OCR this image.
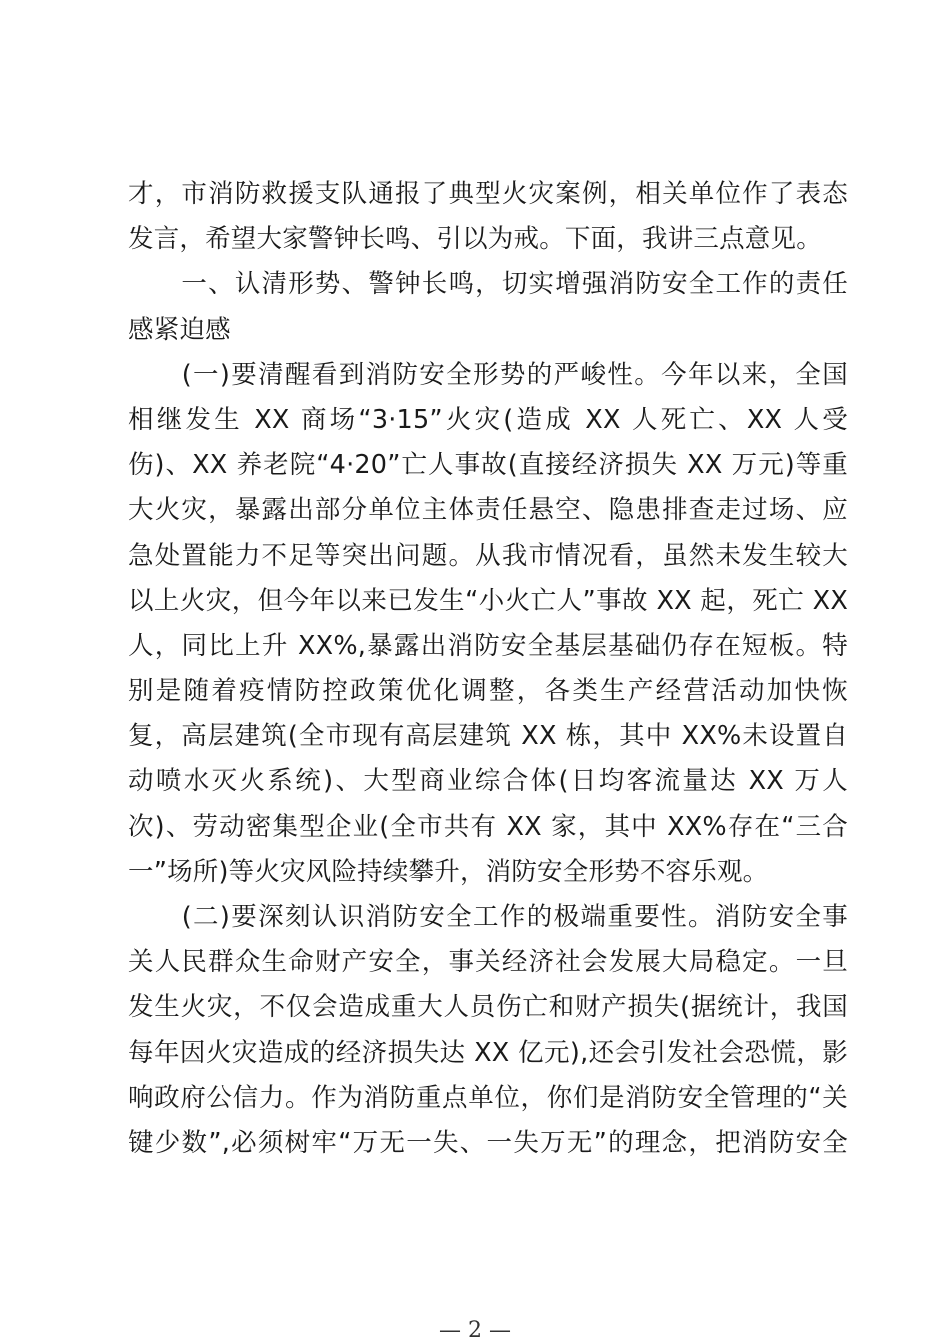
才，市消防救援支队通报了典型火灾案例，相关单位作了表态
发言，希望大家警钟长鸣、引以为戒。下面，我讲三点意见。
　　一、认清形势、警钟长鸣，切实增强消防安全工作的责任
感紧迫感
　　(一)要清醒看到消防安全形势的严峻性。今年以来，全国
相继发生 XX 商场“3·15”火灾(造成 XX 人死亡、XX 人受
伤)、XX 养老院“4·20”亡人事故(直接经济损失 XX 万元)等重
大火灾，暴露出部分单位主体责任悬空、隐患排查走过场、应
急处置能力不足等突出问题。从我市情况看，虽然未发生较大
以上火灾，但今年以来已发生“小火亡人”事故 XX 起，死亡 XX
人，同比上升 XX%,暴露出消防安全基层基础仍存在短板。特
别是随着疫情防控政策优化调整，各类生产经营活动加快恢
复，高层建筑(全市现有高层建筑 XX 栋，其中 XX%未设置自
动喷水灭火系统)、大型商业综合体(日均客流量达 XX 万人
次)、劳动密集型企业(全市共有 XX 家，其中 XX%存在“三合
一”场所)等火灾风险持续攀升，消防安全形势不容乐观。
　　(二)要深刻认识消防安全工作的极端重要性。消防安全事
关人民群众生命财产安全，事关经济社会发展大局稳定。一旦
发生火灾，不仅会造成重大人员伤亡和财产损失(据统计，我国
每年因火灾造成的经济损失达 XX 亿元),还会引发社会恐慌，影
响政府公信力。作为消防重点单位，你们是消防安全管理的“关
键少数”,必须树牢“万无一失、一失万无”的理念，把消防安全
— 2 —
